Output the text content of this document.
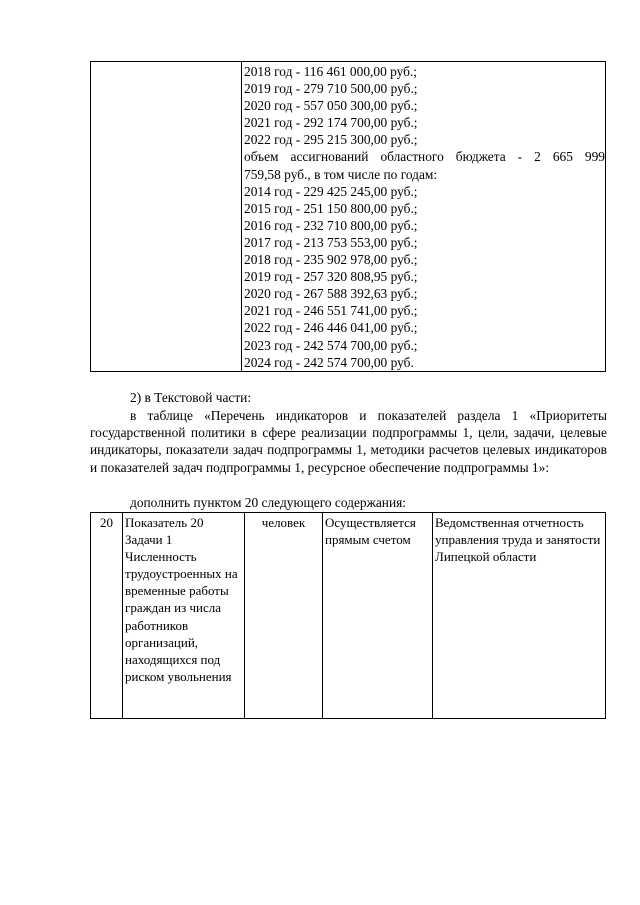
2018 год - 116 461 000,00 руб.;
2019 год - 279 710 500,00 руб.;
2020 год - 557 050 300,00 руб.;
2021 год - 292 174 700,00 руб.;
2022 год - 295 215 300,00 руб.;
объем ассигнований областного бюджета - 2 665 999
759,58 руб., в том числе по годам:
2014 год - 229 425 245,00 руб.;
2015 год - 251 150 800,00 руб.;
2016 год - 232 710 800,00 руб.;
2017 год - 213 753 553,00 руб.;
2018 год - 235 902 978,00 руб.;
2019 год - 257 320 808,95 руб.;
2020 год - 267 588 392,63 руб.;
2021 год - 246 551 741,00 руб.;
2022 год - 246 446 041,00 руб.;
2023 год - 242 574 700,00 руб.;
2024 год - 242 574 700,00 руб.
2) в Текстовой части:
в таблице «Перечень индикаторов и показателей раздела 1 «Приоритеты государственной политики в сфере реализации подпрограммы 1, цели, задачи, целевые индикаторы, показатели задач подпрограммы 1, методики расчетов целевых индикаторов и показателей задач подпрограммы 1, ресурсное обеспечение подпрограммы 1»:
дополнить пунктом 20 следующего содержания:
20	Показатель 20 Задачи 1 Численность трудоустроенных на временные работы граждан из числа работников организаций, находящихся под риском увольнения	человек	Осуществляется прямым счетом	Ведомственная отчетность управления труда и занятости Липецкой области
